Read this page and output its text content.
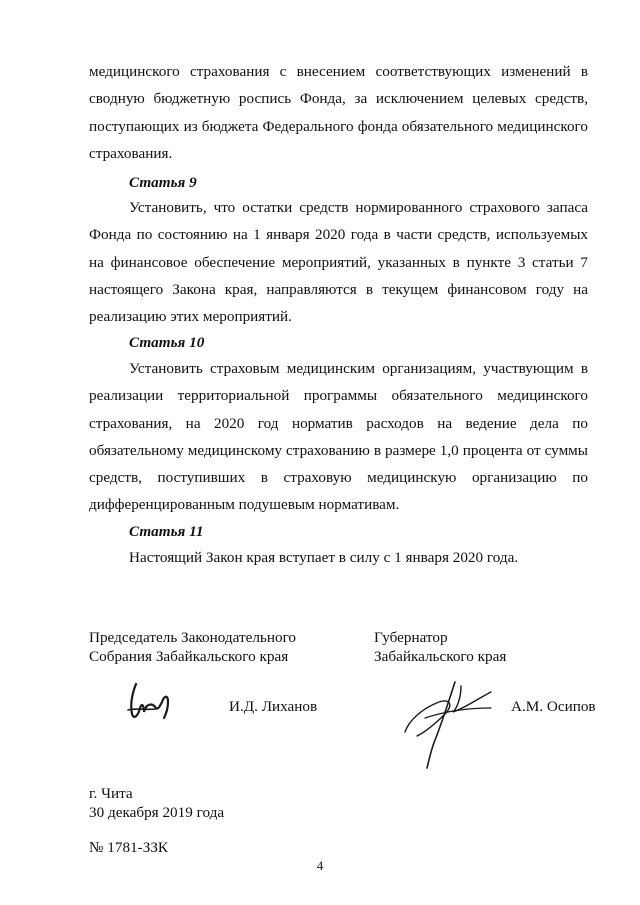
медицинского страхования с внесением соответствующих изменений в сводную бюджетную роспись Фонда, за исключением целевых средств, поступающих из бюджета Федерального фонда обязательного медицинского страхования.
Статья 9
Установить, что остатки средств нормированного страхового запаса Фонда по состоянию на 1 января 2020 года в части средств, используемых на финансовое обеспечение мероприятий, указанных в пункте 3 статьи 7 настоящего Закона края, направляются в текущем финансовом году на реализацию этих мероприятий.
Статья 10
Установить страховым медицинским организациям, участвующим в реализации территориальной программы обязательного медицинского страхования, на 2020 год норматив расходов на ведение дела по обязательному медицинскому страхованию в размере 1,0 процента от суммы средств, поступивших в страховую медицинскую организацию по дифференцированным подушевым нормативам.
Статья 11
Настоящий Закон края вступает в силу с 1 января 2020 года.
Председатель Законодательного
Собрания Забайкальского края
Губернатор
Забайкальского края
И.Д. Лиханов	А.М. Осипов
г. Чита
30 декабря 2019 года
№ 1781-ЗЗК
4
